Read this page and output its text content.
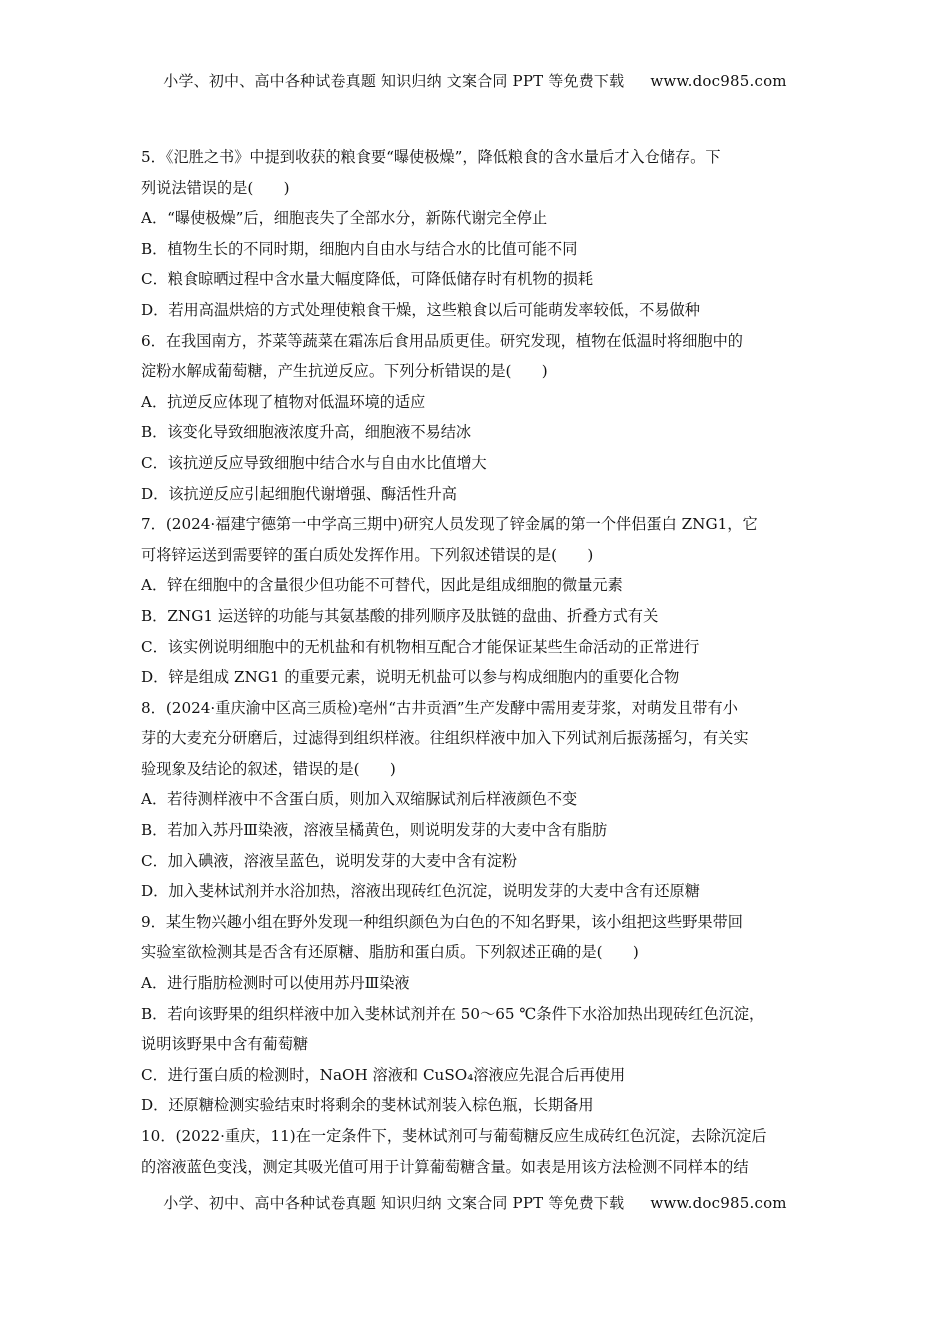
小学、初中、高中各种试卷真题 知识归纳 文案合同 PPT 等免费下载 www.doc985.com
5．《氾胜之书》中提到收获的粮食要“曝使极燥”，降低粮食的含水量后才入仓储存。下
列说法错误的是(　　)
A．“曝使极燥”后，细胞丧失了全部水分，新陈代谢完全停止
B．植物生长的不同时期，细胞内自由水与结合水的比值可能不同
C．粮食晾晒过程中含水量大幅度降低，可降低储存时有机物的损耗
D．若用高温烘焙的方式处理使粮食干燥，这些粮食以后可能萌发率较低，不易做种
6．在我国南方，芥菜等蔬菜在霜冻后食用品质更佳。研究发现，植物在低温时将细胞中的
淀粉水解成葡萄糖，产生抗逆反应。下列分析错误的是(　　)
A．抗逆反应体现了植物对低温环境的适应
B．该变化导致细胞液浓度升高，细胞液不易结冰
C．该抗逆反应导致细胞中结合水与自由水比值增大
D．该抗逆反应引起细胞代谢增强、酶活性升高
7．(2024·福建宁德第一中学高三期中)研究人员发现了锌金属的第一个伴侣蛋白 ZNG1，它
可将锌运送到需要锌的蛋白质处发挥作用。下列叙述错误的是(　　)
A．锌在细胞中的含量很少但功能不可替代，因此是组成细胞的微量元素
B．ZNG1 运送锌的功能与其氨基酸的排列顺序及肽链的盘曲、折叠方式有关
C．该实例说明细胞中的无机盐和有机物相互配合才能保证某些生命活动的正常进行
D．锌是组成 ZNG1 的重要元素，说明无机盐可以参与构成细胞内的重要化合物
8．(2024·重庆渝中区高三质检)亳州“古井贡酒”生产发酵中需用麦芽浆，对萌发且带有小
芽的大麦充分研磨后，过滤得到组织样液。往组织样液中加入下列试剂后振荡摇匀，有关实
验现象及结论的叙述，错误的是(　　)
A．若待测样液中不含蛋白质，则加入双缩脲试剂后样液颜色不变
B．若加入苏丹Ⅲ染液，溶液呈橘黄色，则说明发芽的大麦中含有脂肪
C．加入碘液，溶液呈蓝色，说明发芽的大麦中含有淀粉
D．加入斐林试剂并水浴加热，溶液出现砖红色沉淀，说明发芽的大麦中含有还原糖
9．某生物兴趣小组在野外发现一种组织颜色为白色的不知名野果，该小组把这些野果带回
实验室欲检测其是否含有还原糖、脂肪和蛋白质。下列叙述正确的是(　　)
A．进行脂肪检测时可以使用苏丹Ⅲ染液
B．若向该野果的组织样液中加入斐林试剂并在 50～65 ℃条件下水浴加热出现砖红色沉淀，
说明该野果中含有葡萄糖
C．进行蛋白质的检测时，NaOH 溶液和 CuSO₄溶液应先混合后再使用
D．还原糖检测实验结束时将剩余的斐林试剂装入棕色瓶，长期备用
10．(2022·重庆，11)在一定条件下，斐林试剂可与葡萄糖反应生成砖红色沉淀，去除沉淀后
的溶液蓝色变浅，测定其吸光值可用于计算葡萄糖含量。如表是用该方法检测不同样本的结
小学、初中、高中各种试卷真题 知识归纳 文案合同 PPT 等免费下载 www.doc985.com
